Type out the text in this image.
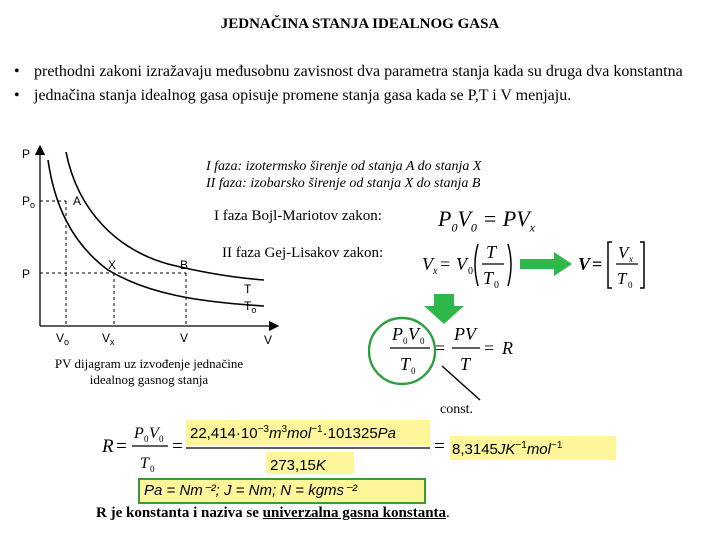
JEDNAČINA STANJA IDEALNOG GASA
• prethodni zakoni izražavaju međusobnu zavisnost dva parametra stanja kada su druga dva konstantna
• jednačina stanja idealnog gasa opisuje promene stanja gasa kada se P,T i V menjaju.
P
V
$P_o$
P
$V_o$	$V_x$	V
A
X	B
T
$T_o$
I faza: izotermsko širenje od stanja A do stanja X
II faza: izobarsko širenje od stanja X do stanja B
I faza Bojl-Mariotov zakon:	$P_0V_0 = PV_x$
II faza Gej-Lisakov zakon:
V x = V 0
T
T 0
V =
V x
T 0
P 0 V 0
T 0
=
PV
T
= R
PV dijagram uz izvođenje jednačine
idealnog gasnog stanja
const.
R =
P 0 V 0
T 0
=
$22,414\cdot 10^{-3}m^3mol^{-1}\cdot 101325Pa$
273,15K
= $8,3145JK^{-1}mol^{-1}$
Pa = Nm⁻²; J = Nm; N = kgms⁻²
R je konstanta i naziva se univerzalna gasna konstanta.
